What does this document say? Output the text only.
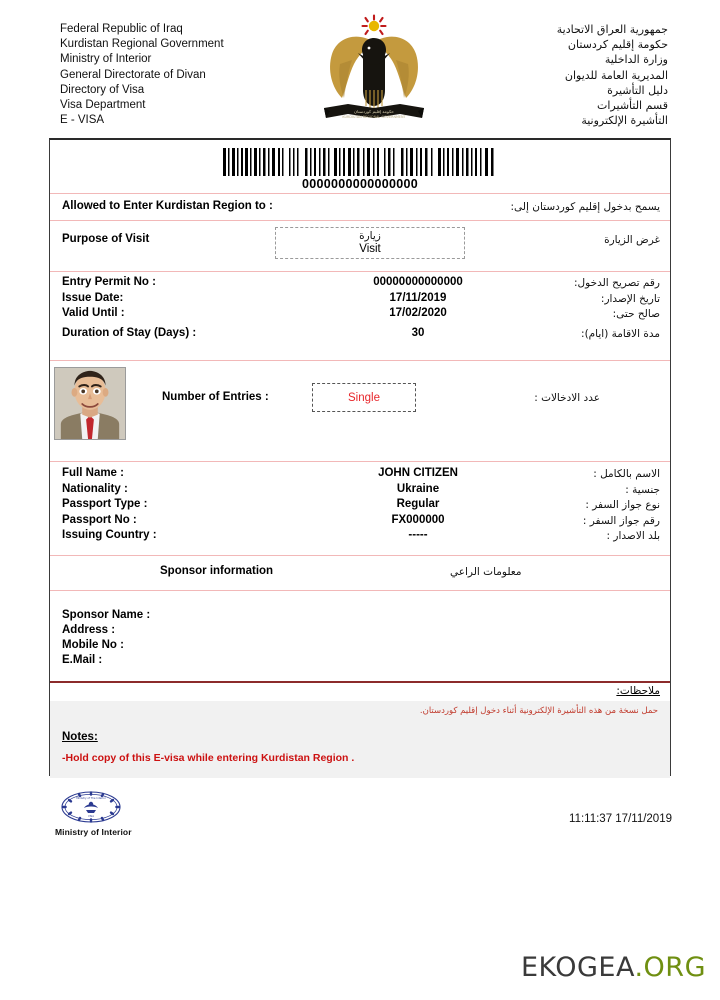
Federal Republic of Iraq
Kurdistan Regional Government
Ministry of Interior
General Directorate of Divan
Directory of Visa
Visa Department
E - VISA
حكومة إقليم كوردستان
KURDISTAN REGIONAL GOVERNMENT
جمهورية العراق الاتحادية
حكومة إقليم كردستان
وزارة الداخلية
المديرية العامة للديوان
دليل التأشيرة
قسم التأشيرات
التأشيرة الإلكترونية
0000000000000000
Allowed to Enter Kurdistan Region to :	يسمح بدخول إقليم كوردستان إلى:
Purpose of Visit	زيارة
Visit
غرض الزيارة
Entry Permit No :	00000000000000	رقم تصريح الدخول:
Issue Date:	17/11/2019	تاريخ الإصدار:
Valid Until :	17/02/2020	صالح حتى:
Duration of Stay (Days) :	30	مدة الاقامة (ايام):
Number of Entries :	Single	عدد الادخالات :
Full Name :	JOHN CITIZEN	الاسم بالكامل :
Nationality :	Ukraine	جنسية :
Passport Type :	Regular	نوع جواز السفر :
Passport No :	FX000000	رقم جواز السفر :
Issuing Country :	-----	بلد الاصدار :
Sponsor information	معلومات الراعي
Sponsor Name :
Address :
Mobile No :
E.Mail :
ملاحظات:
حمل نسخة من هذه التأشيرة الإلكترونية أثناء دخول إقليم كوردستان.
Notes:
-Hold copy of this E-visa while entering Kurdistan Region .
Ministry of The Interior
VISA
Ministry of Interior
11:11:37 17/11/2019
EKOGEA.ORG
